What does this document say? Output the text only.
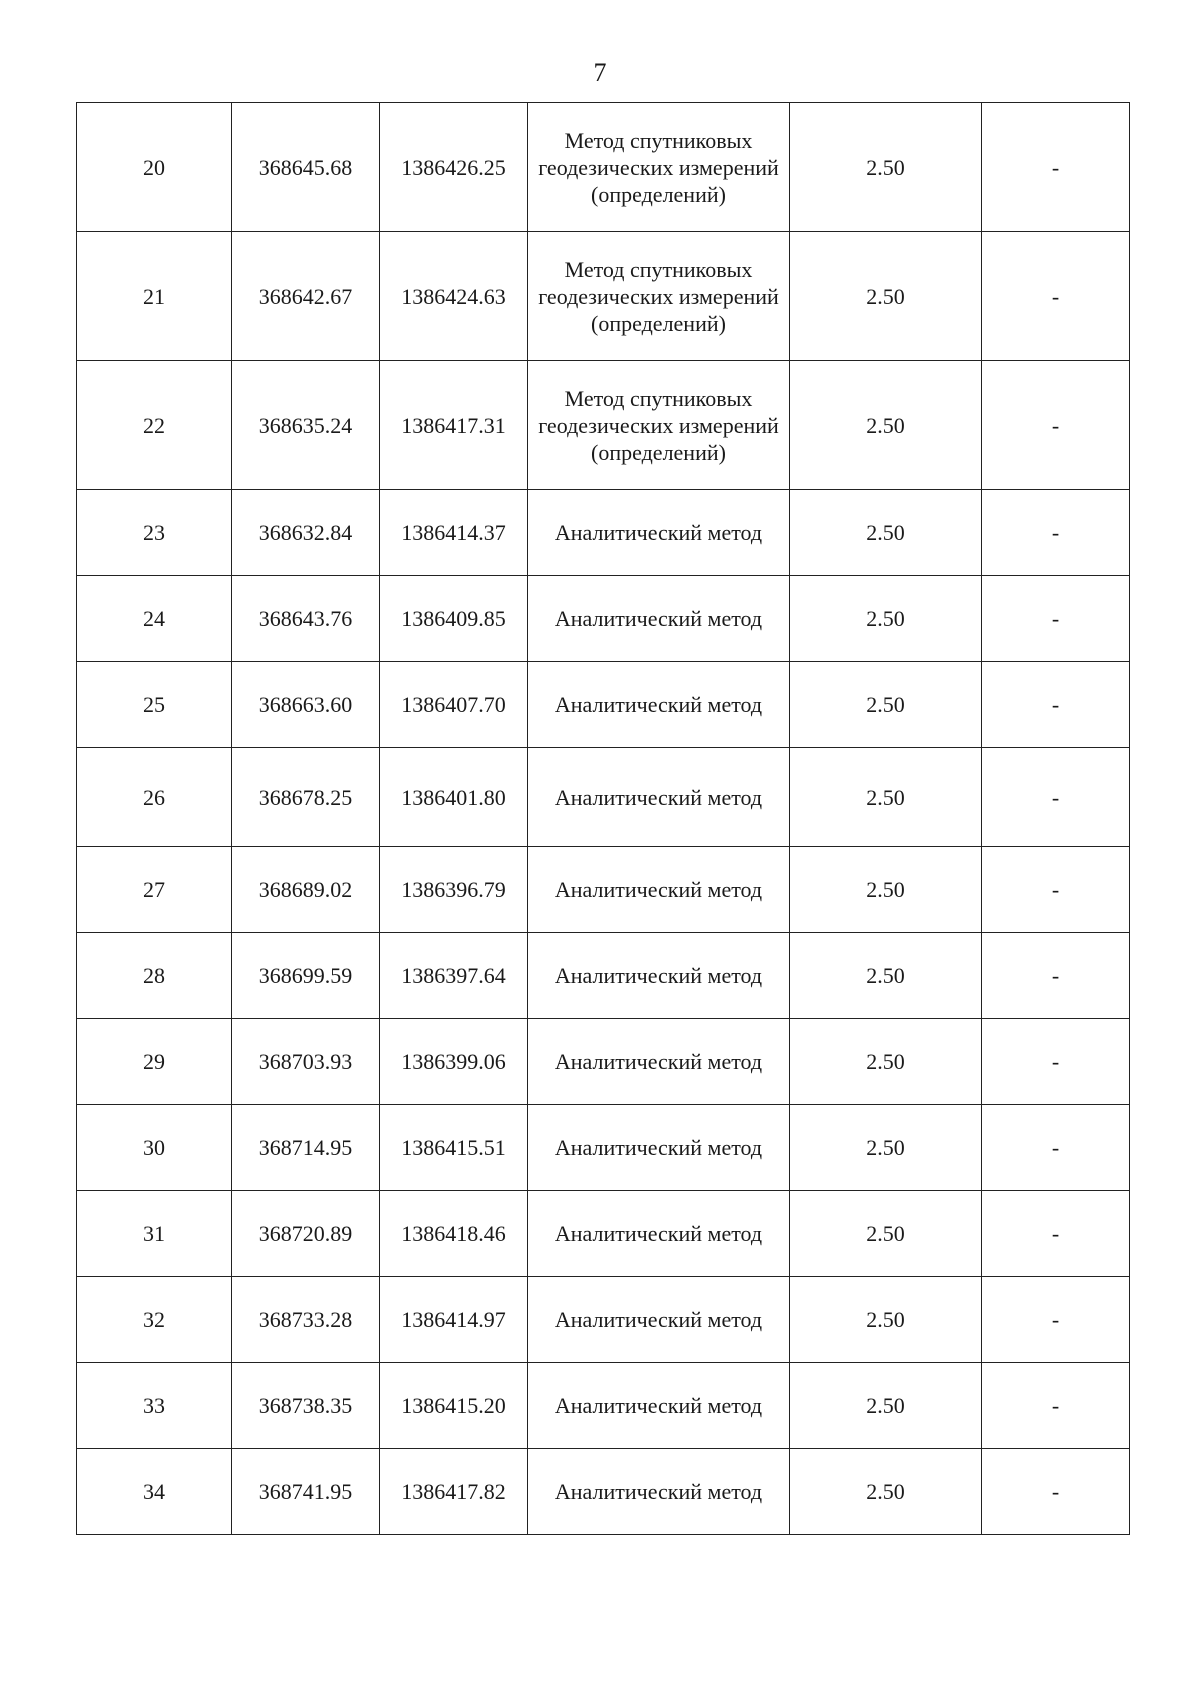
7
20	368645.68	1386426.25	Метод спутниковых геодезических измерений (определений)	2.50	-
21	368642.67	1386424.63	Метод спутниковых геодезических измерений (определений)	2.50	-
22	368635.24	1386417.31	Метод спутниковых геодезических измерений (определений)	2.50	-
23	368632.84	1386414.37	Аналитический метод	2.50	-
24	368643.76	1386409.85	Аналитический метод	2.50	-
25	368663.60	1386407.70	Аналитический метод	2.50	-
26	368678.25	1386401.80	Аналитический метод	2.50	-
27	368689.02	1386396.79	Аналитический метод	2.50	-
28	368699.59	1386397.64	Аналитический метод	2.50	-
29	368703.93	1386399.06	Аналитический метод	2.50	-
30	368714.95	1386415.51	Аналитический метод	2.50	-
31	368720.89	1386418.46	Аналитический метод	2.50	-
32	368733.28	1386414.97	Аналитический метод	2.50	-
33	368738.35	1386415.20	Аналитический метод	2.50	-
34	368741.95	1386417.82	Аналитический метод	2.50	-
